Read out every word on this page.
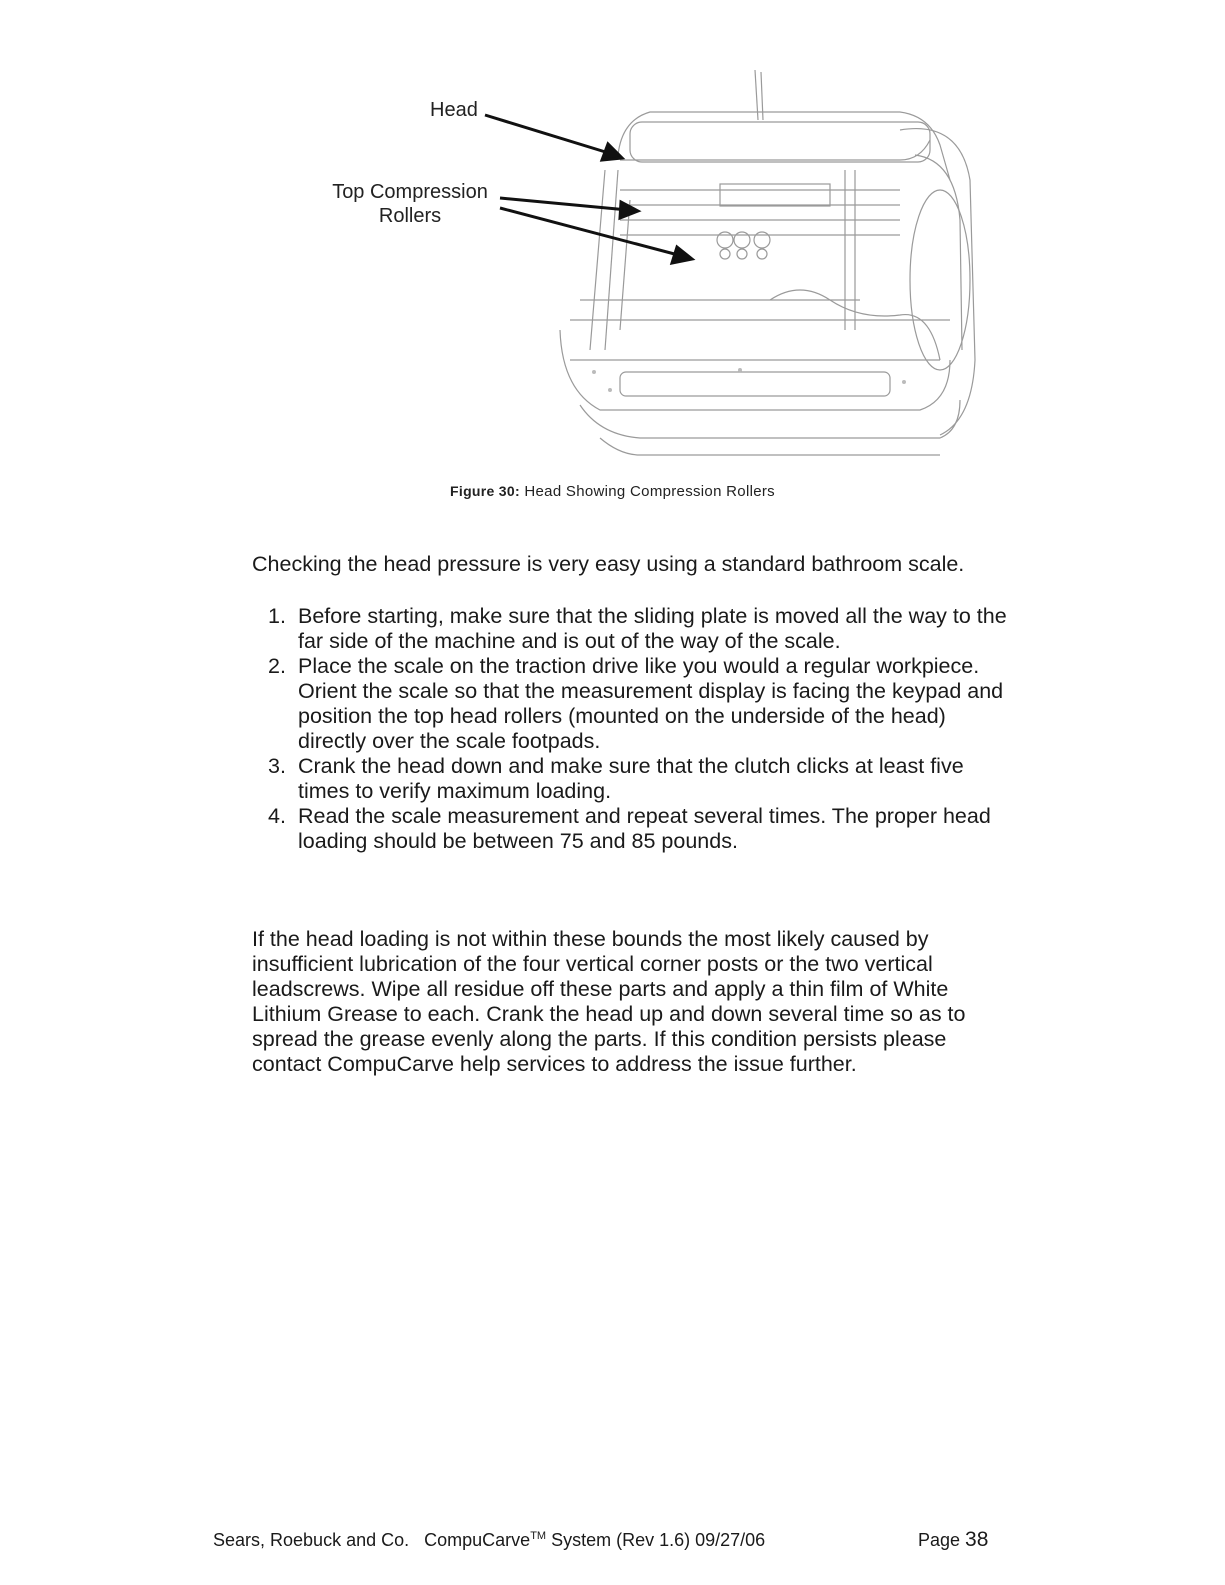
Head
Top Compression
Rollers
Figure 30: Head Showing Compression Rollers
Checking the head pressure is very easy using a standard bathroom scale.
1. Before starting, make sure that the sliding plate is moved all the way to the far side of the machine and is out of the way of the scale.
2. Place the scale on the traction drive like you would a regular workpiece. Orient the scale so that the measurement display is facing the keypad and position the top head rollers (mounted on the underside of the head) directly over the scale footpads.
3. Crank the head down and make sure that the clutch clicks at least five times to verify maximum loading.
4. Read the scale measurement and repeat several times. The proper head loading should be between 75 and 85 pounds.
If the head loading is not within these bounds the most likely caused by insufficient lubrication of the four vertical corner posts or the two vertical leadscrews. Wipe all residue off these parts and apply a thin film of White Lithium Grease to each. Crank the head up and down several time so as to spread the grease evenly along the parts. If this condition persists please contact CompuCarve help services to address the issue further.
Sears, Roebuck and Co. CompuCarve™ System (Rev 1.6) 09/27/06	Page 38
